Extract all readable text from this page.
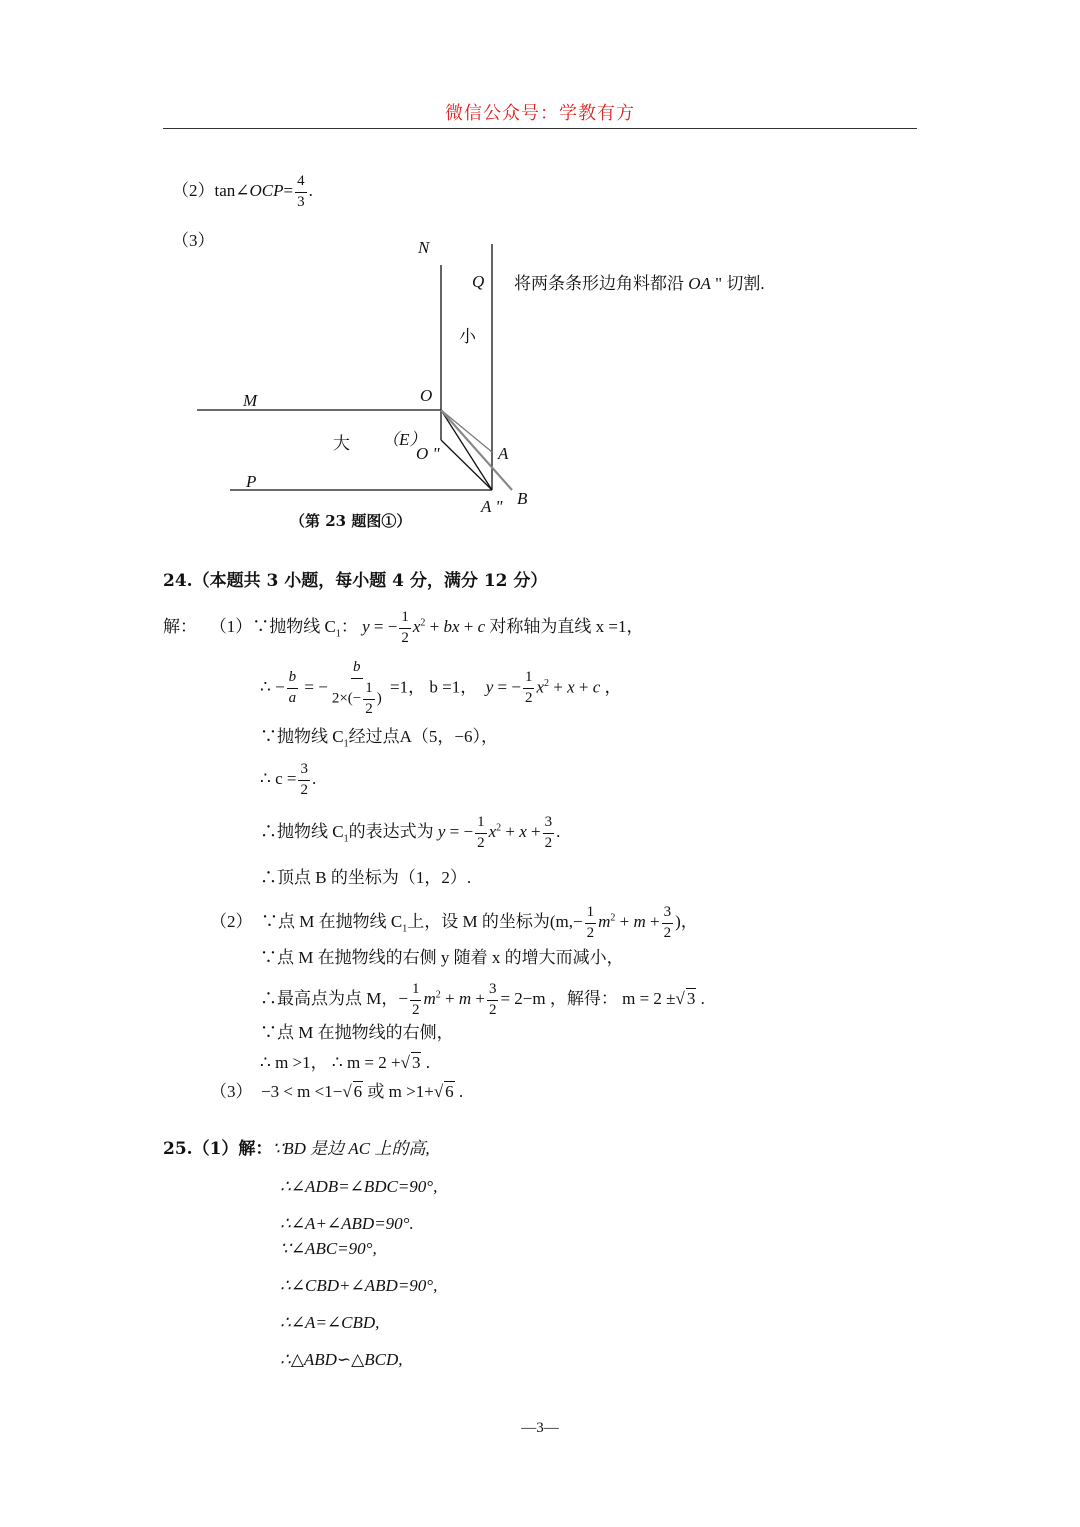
微信公众号：学教有方
（2）tan∠OCP= $\frac{4}{3}$ .
（3）
将两条条形边角料都沿 OA " 切割.
N
Q
小
O
M
大 （E）
O "	A
P
A " B
（第 23 题图①）
24.（本题共 3 小题，每小题 4 分，满分 12 分）
解： （1）∵抛物线 $C_1$： y = − $\frac{1}{2} x^2$ + bx + c 对称轴为直线 x =1，
∴ − $\frac{b}{a}$ = − $\frac{b}{2\times(- \frac{1}{2} )} =1$， b =1， y = − $\frac{1}{2} x^2 + x + c$ ，
∵抛物线 $C_1$经过点A（5，−6），
∴ $c = \frac{3}{2}$ .
∴抛物线 $C_1$的表达式为 y = − $\frac{1}{2} x^2 + x + \frac{3}{2}$ .
∴顶点 B 的坐标为（1，2）.
（2） ∵点 M 在抛物线 $C_1$上，设 M 的坐标为($m,- \frac{1}{2} m^2 + m + \frac{3}{2}$ )，
∵点 M 在抛物线的右侧 y 随着 x 的增大而减小，
∴最高点为点 M，− $\frac{1}{2} m^2 + m + \frac{3}{2} = 2-m$ ，解得： m = 2 ±√ 3 .
∵点 M 在抛物线的右侧，
∴ m >1， ∴ m = 2 +√ 3 .
（3） −3 < m <1−√ 6 或 m >1+√ 6 .
25.（1）解：∵BD 是边 AC 上的高,
∴∠ADB=∠BDC=90°,
∴∠A+∠ABD=90°.
∵∠ABC=90°,
∴∠CBD+∠ABD=90°,
∴∠A=∠CBD,
∴△ABD∽△BCD,
—3—
